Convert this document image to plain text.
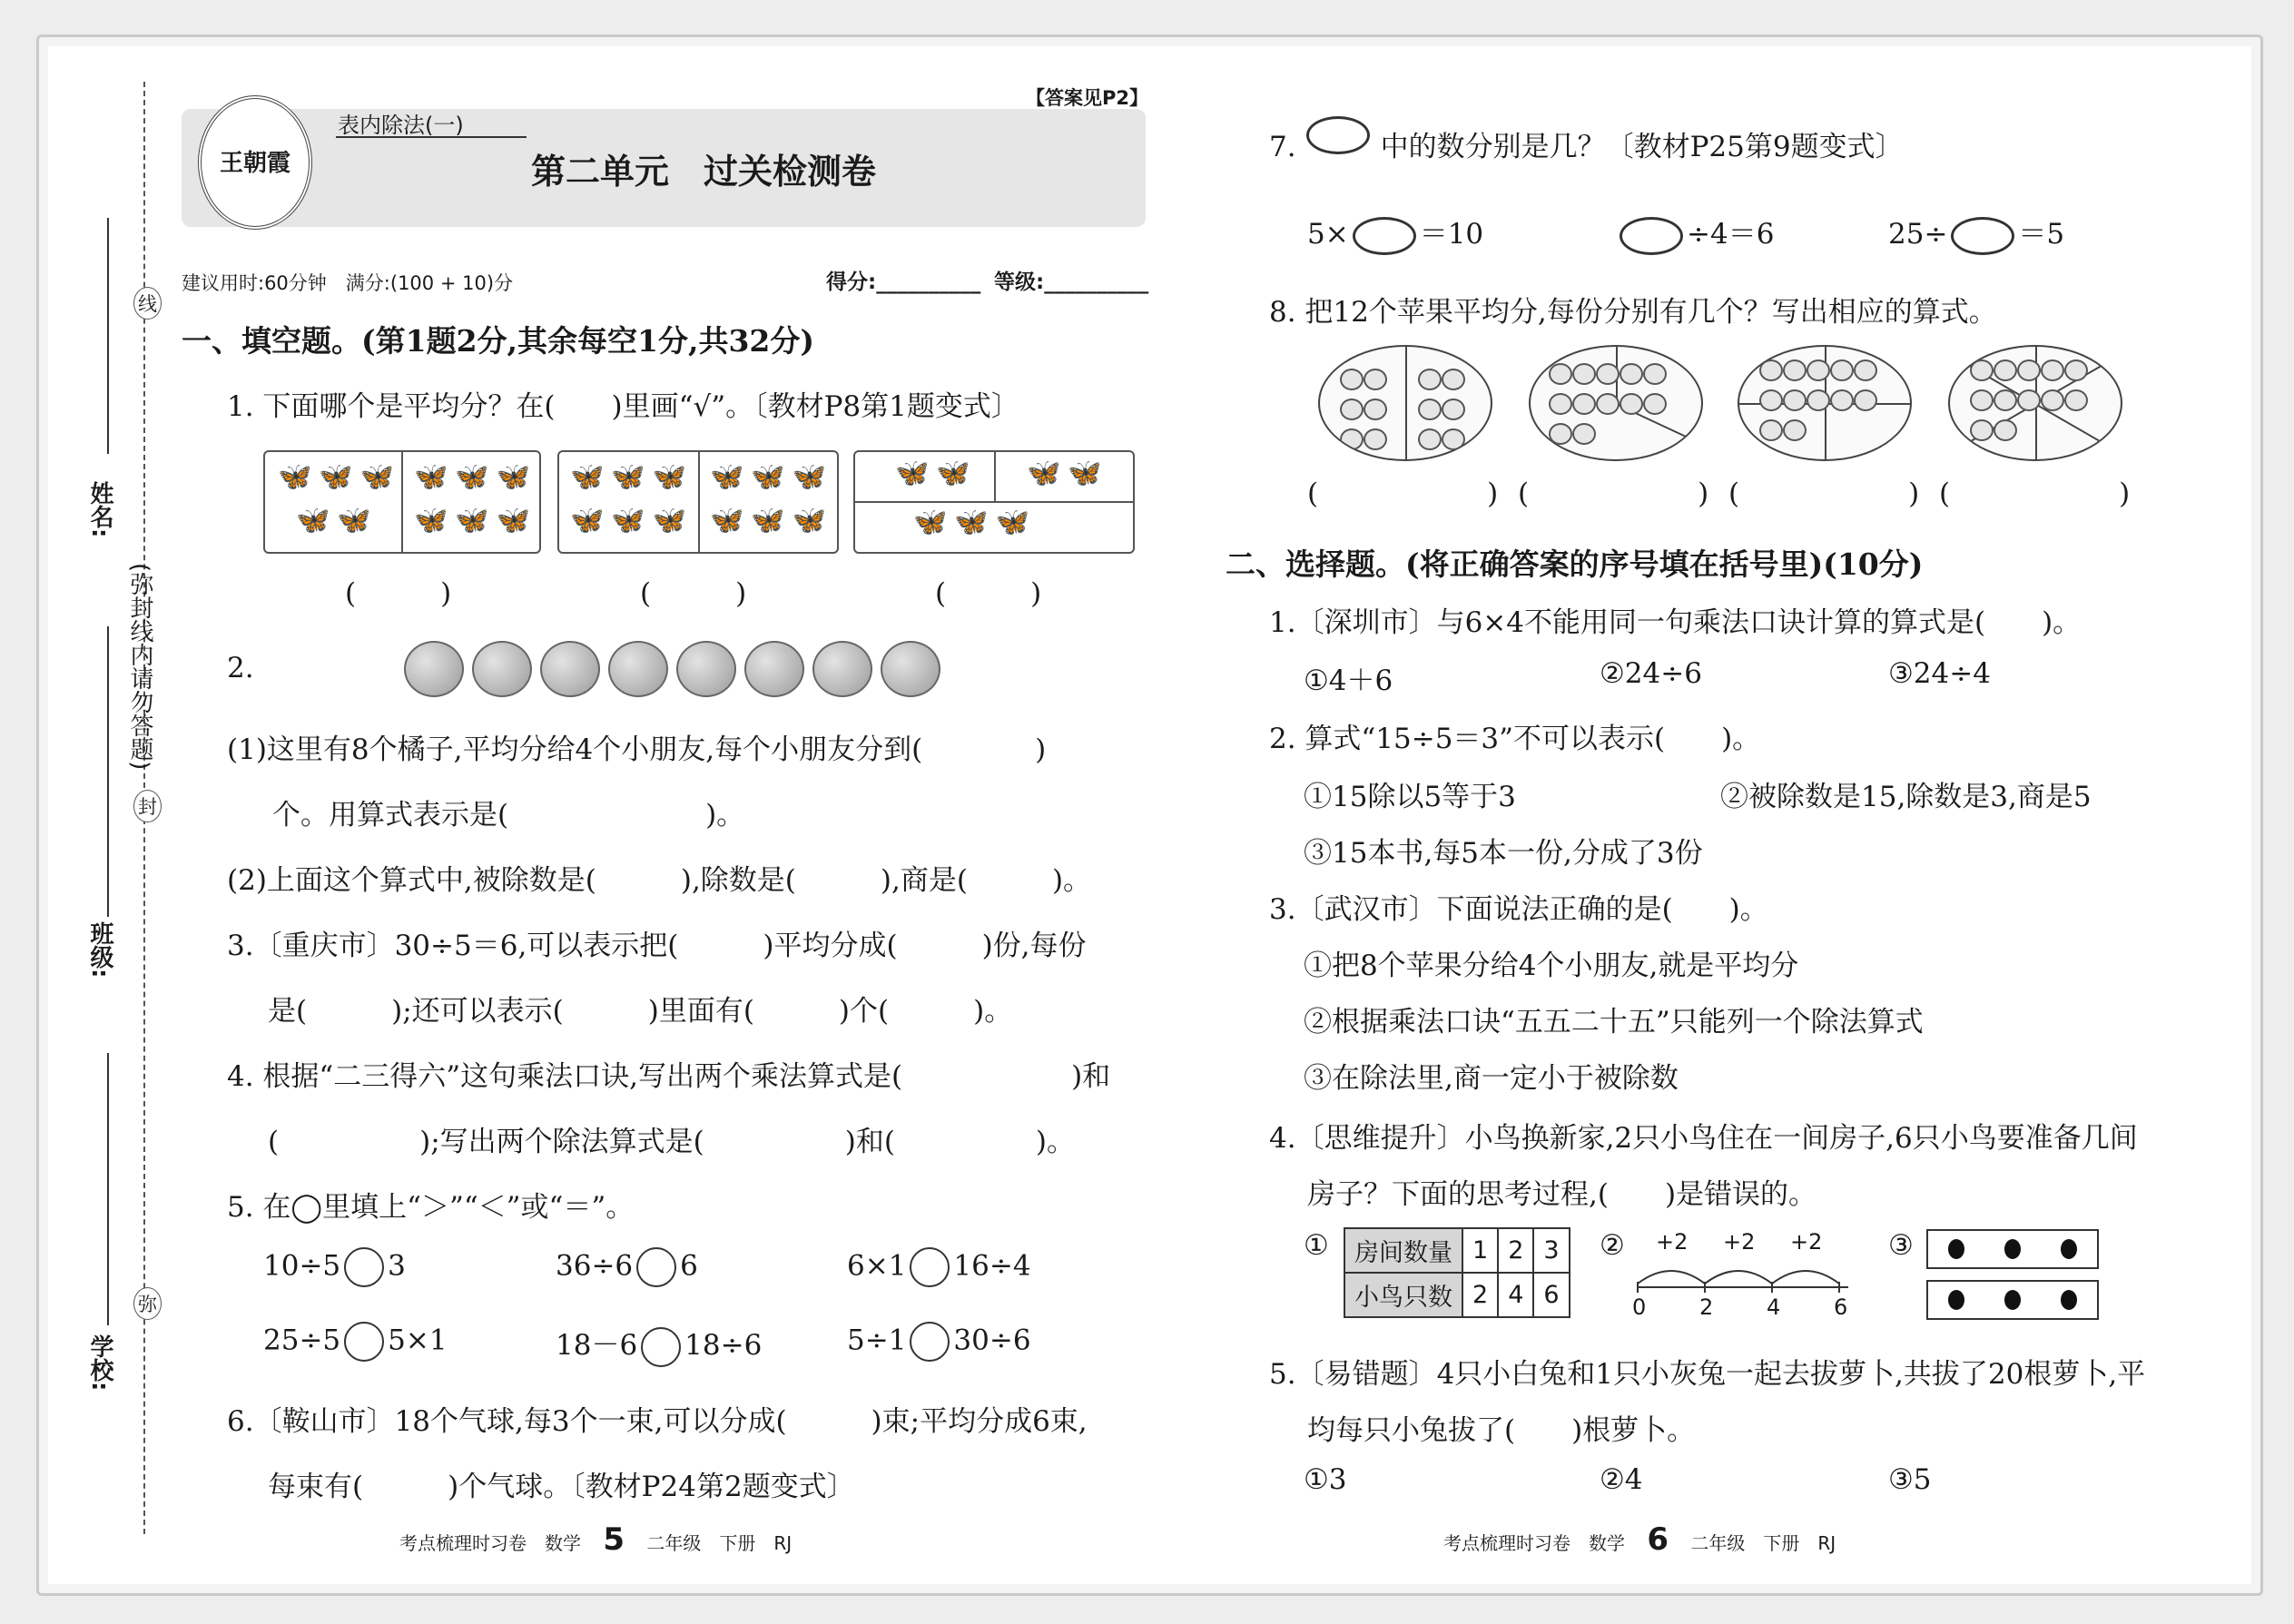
姓名:
班级:
学校:
(弥封线内请勿答题)
线
封
弥
王朝霞
表内除法(一)
【答案见P2】
第二单元　过关检测卷
建议用时:60分钟　满分:(100 + 10)分	得分:__________ 等级:__________
一、填空题。(第1题2分,其余每空1分,共32分)
1. 下面哪个是平均分？在(　　)里画“√”。〔教材P8第1题变式〕
🦋 🦋 🦋
🦋 🦋
🦋 🦋 🦋
🦋 🦋 🦋
🦋 🦋 🦋
🦋 🦋 🦋
🦋 🦋 🦋
🦋 🦋 🦋
🦋 🦋 🦋 🦋
🦋 🦋 🦋
(　　　)	(　　　)	(　　　)
2.
(1)这里有8个橘子,平均分给4个小朋友,每个小朋友分到(　　　　)
个。用算式表示是(　　　　　　　)。
(2)上面这个算式中,被除数是(　　　),除数是(　　　),商是(　　　)。
3.〔重庆市〕30÷5＝6,可以表示把(　　　)平均分成(　　　)份,每份
是(　　　);还可以表示(　　　)里面有(　　　)个(　　　)。
4. 根据“二三得六”这句乘法口诀,写出两个乘法算式是(　　　　　　)和
(　　　　　);写出两个除法算式是(　　　　　)和(　　　　　)。
5. 在◯里填上“＞”“＜”或“＝”。
10÷5 3	36÷6 6	6×1 16÷4
25÷5 5×1	18－6 18÷6	5÷1 30÷6
6.〔鞍山市〕18个气球,每3个一束,可以分成(　　　)束;平均分成6束,
每束有(　　　)个气球。〔教材P24第2题变式〕
考点梳理时习卷　数学 5 二年级　下册　RJ
7.　　　中的数分别是几？〔教材P25第9题变式〕
5×	＝10	÷4＝6	25÷	＝5
8. 把12个苹果平均分,每份分别有几个？写出相应的算式。
(　　　　　　) (　　　　　　) (　　　　　　) (　　　　　　)
二、选择题。(将正确答案的序号填在括号里)(10分)
1.〔深圳市〕与6×4不能用同一句乘法口诀计算的算式是(　　)。
①4＋6	②24÷6	③24÷4
2. 算式“15÷5＝3”不可以表示(　　)。
①15除以5等于3	②被除数是15,除数是3,商是5
③15本书,每5本一份,分成了3份
3.〔武汉市〕下面说法正确的是(　　)。
①把8个苹果分给4个小朋友,就是平均分
②根据乘法口诀“五五二十五”只能列一个除法算式
③在除法里,商一定小于被除数
4.〔思维提升〕小鸟换新家,2只小鸟住在一间房子,6只小鸟要准备几间
房子？下面的思考过程,(　　)是错误的。
① 房间数量	1	2	3
小鸟只数	2	4	6
② +2 +2 +2
0 2 4 6
③
5.〔易错题〕4只小白兔和1只小灰兔一起去拔萝卜,共拔了20根萝卜,平
均每只小兔拔了(　　)根萝卜。
①3	②4	③5
考点梳理时习卷　数学 6 二年级　下册　RJ
